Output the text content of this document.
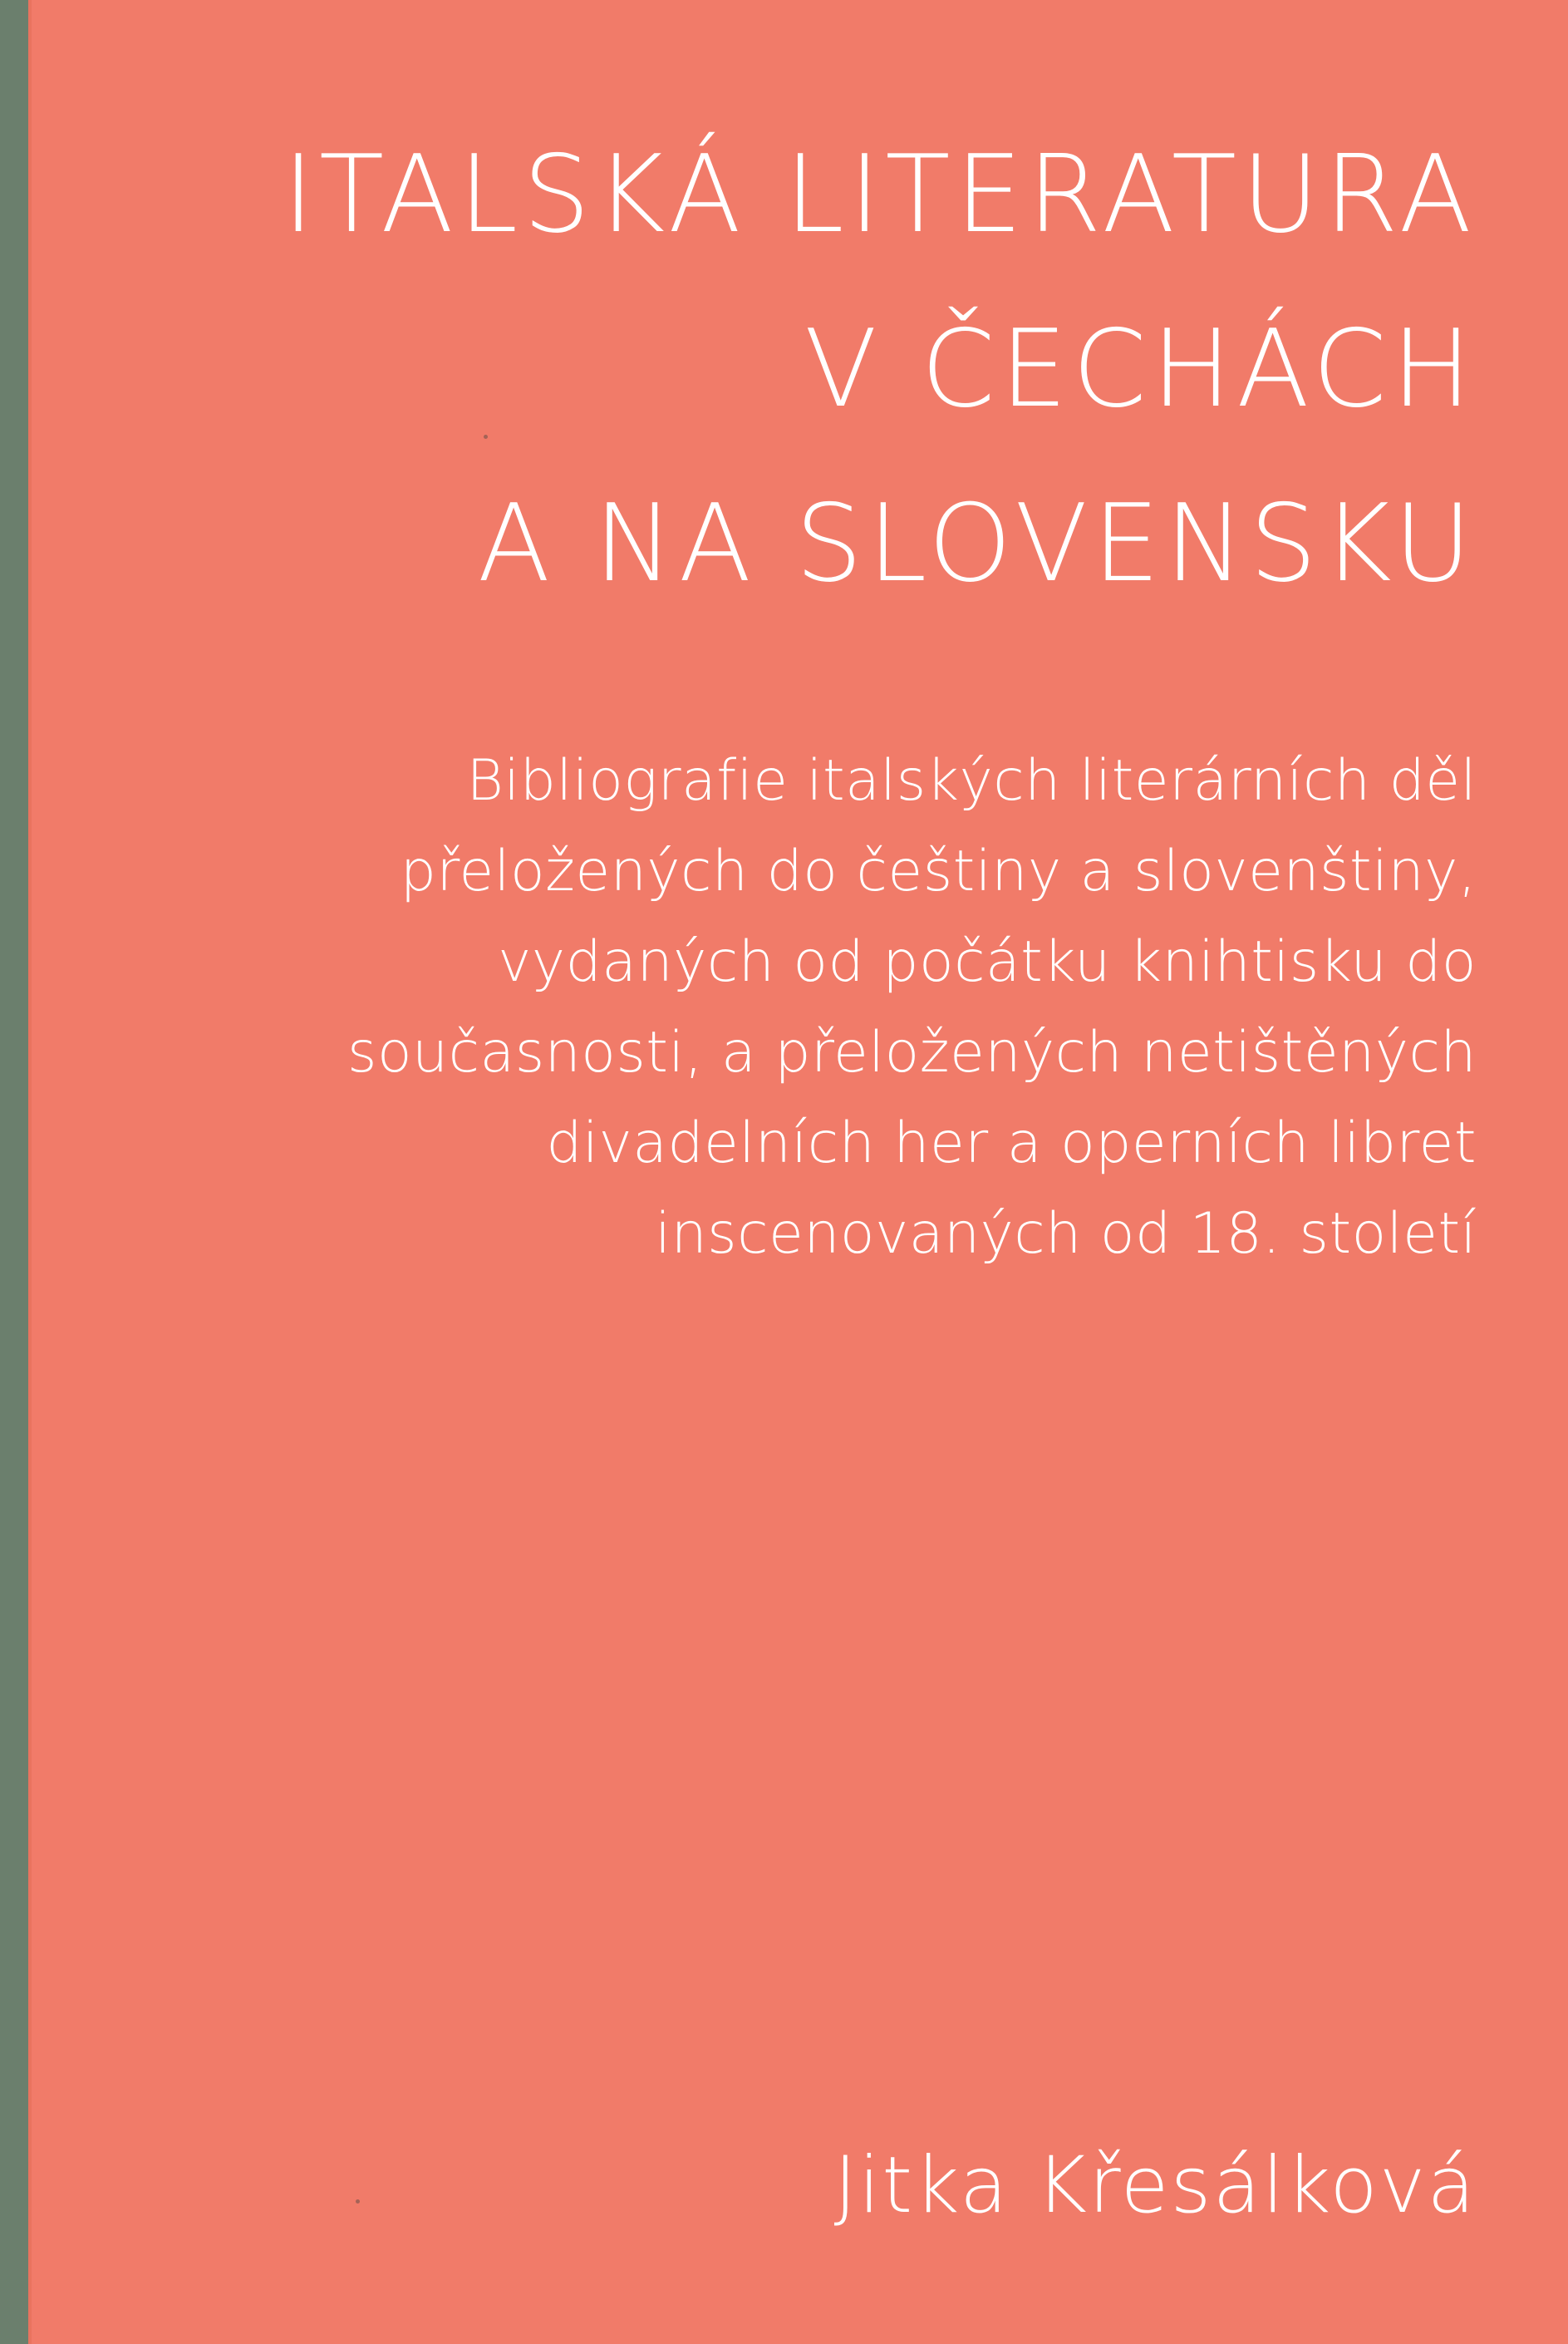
ITALSKÁ LITERATURA
V ČECHÁCH
A NA SLOVENSKU
Bibliografie italských literárních děl
přeložených do češtiny a slovenštiny,
vydaných od počátku knihtisku do
současnosti, a přeložených netištěných
divadelních her a operních libret
inscenovaných od 18. století
Jitka Křesálková
